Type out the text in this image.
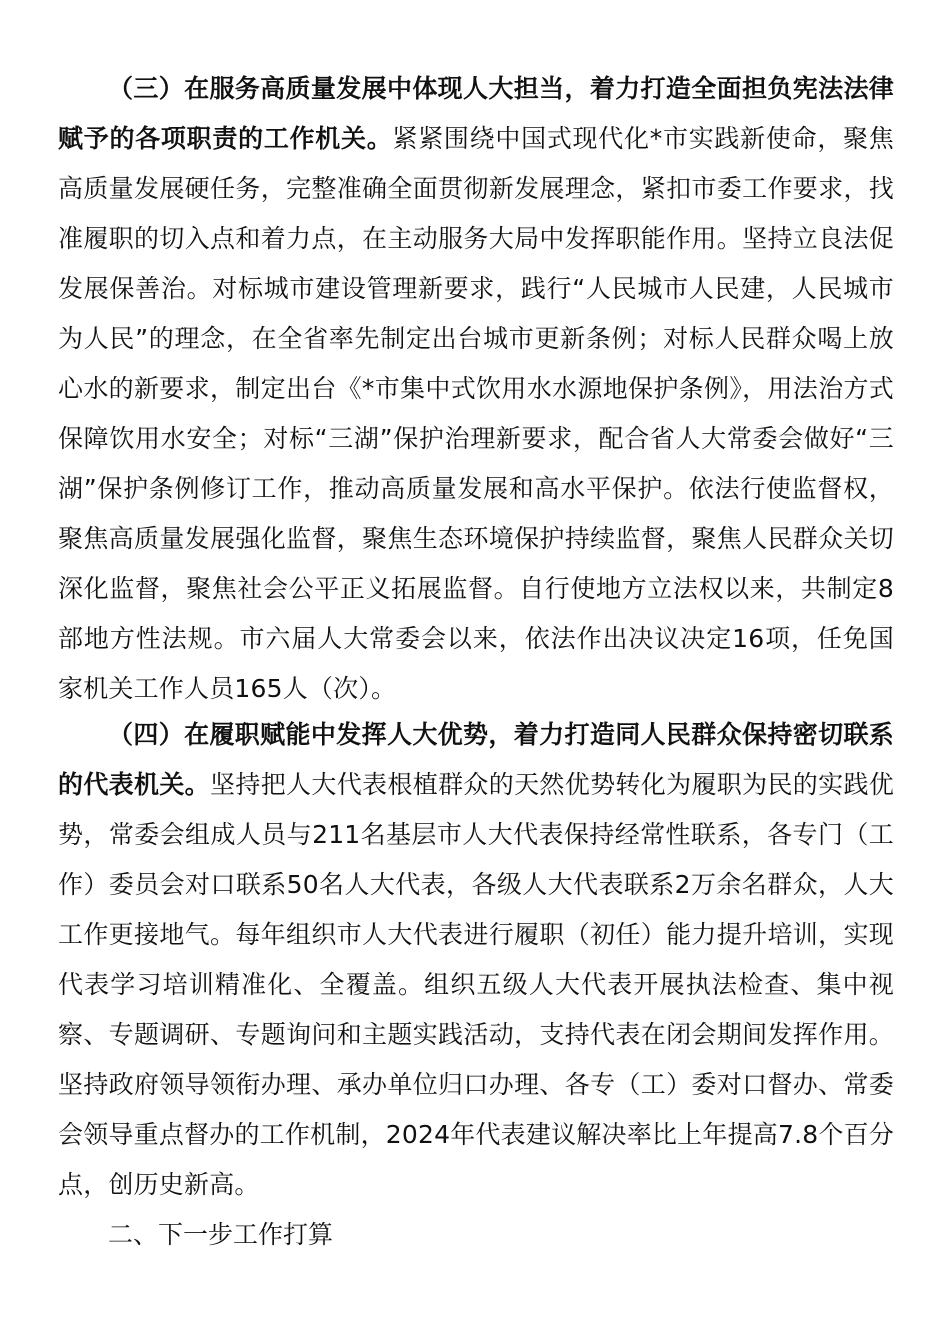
（三）在服务高质量发展中体现人大担当，着力打造全面担负宪法法律赋予的各项职责的工作机关。紧紧围绕中国式现代化*市实践新使命，聚焦高质量发展硬任务，完整准确全面贯彻新发展理念，紧扣市委工作要求，找准履职的切入点和着力点，在主动服务大局中发挥职能作用。坚持立良法促发展保善治。对标城市建设管理新要求，践行“人民城市人民建，人民城市为人民”的理念，在全省率先制定出台城市更新条例；对标人民群众喝上放心水的新要求，制定出台《*市集中式饮用水水源地保护条例》，用法治方式保障饮用水安全；对标“三湖”保护治理新要求，配合省人大常委会做好“三湖”保护条例修订工作，推动高质量发展和高水平保护。依法行使监督权，聚焦高质量发展强化监督，聚焦生态环境保护持续监督，聚焦人民群众关切深化监督，聚焦社会公平正义拓展监督。自行使地方立法权以来，共制定8部地方性法规。市六届人大常委会以来，依法作出决议决定16项，任免国家机关工作人员165人（次）。

（四）在履职赋能中发挥人大优势，着力打造同人民群众保持密切联系的代表机关。坚持把人大代表根植群众的天然优势转化为履职为民的实践优势，常委会组成人员与211名基层市人大代表保持经常性联系，各专门（工作）委员会对口联系50名人大代表，各级人大代表联系2万余名群众，人大工作更接地气。每年组织市人大代表进行履职（初任）能力提升培训，实现代表学习培训精准化、全覆盖。组织五级人大代表开展执法检查、集中视察、专题调研、专题询问和主题实践活动，支持代表在闭会期间发挥作用。坚持政府领导领衔办理、承办单位归口办理、各专（工）委对口督办、常委会领导重点督办的工作机制，2024年代表建议解决率比上年提高7.8个百分点，创历史新高。

二、下一步工作打算
